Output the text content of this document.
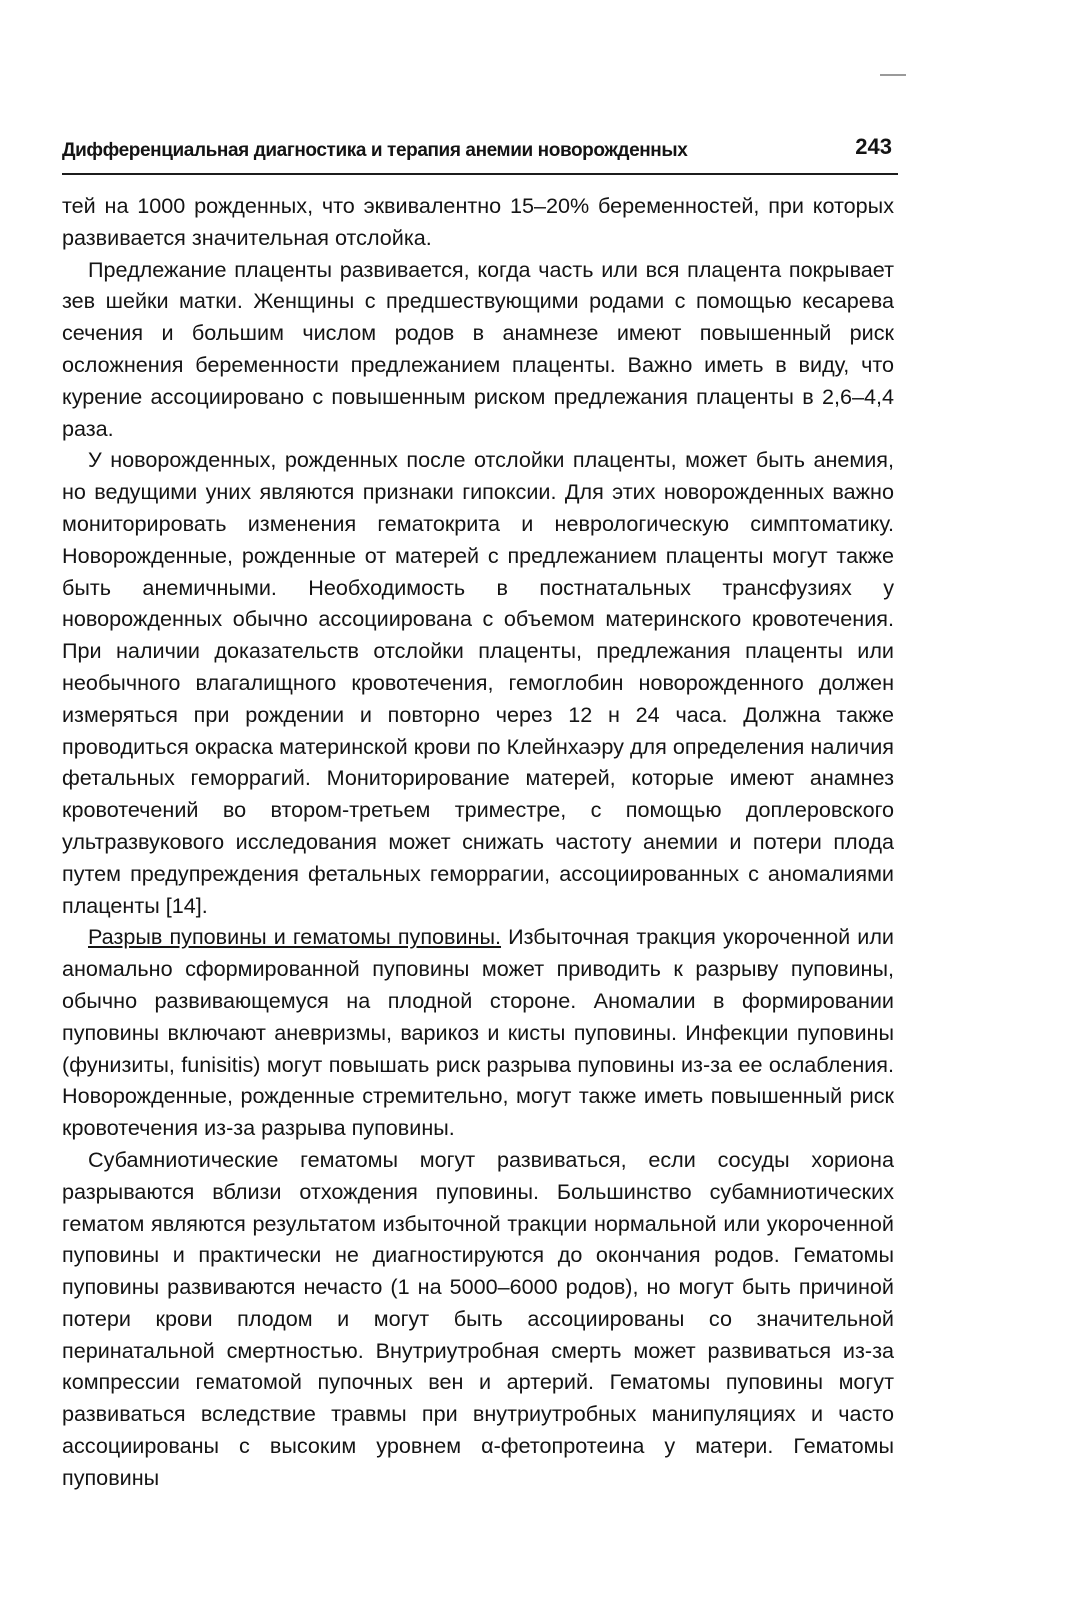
Дифференциальная диагностика и терапия анемии новорожденных	243

тей на 1000 рожденных, что эквивалентно 15–20% беременностей, при которых развивается значительная отслойка.

Предлежание плаценты развивается, когда часть или вся плацента покрывает зев шейки матки. Женщины с предшествующими родами с помощью кесарева сечения и большим числом родов в анамнезе имеют повышенный риск осложнения беременности предлежанием плаценты. Важно иметь в виду, что курение ассоциировано с повышенным риском предлежания плаценты в 2,6–4,4 раза.

У новорожденных, рожденных после отслойки плаценты, может быть анемия, но ведущими уних являются признаки гипоксии. Для этих новорожденных важно мониторировать изменения гематокрита и неврологическую симптоматику. Новорожденные, рожденные от матерей с предлежанием плаценты могут также быть анемичными. Необходимость в постнатальных трансфузиях у новорожденных обычно ассоциирована с объемом материнского кровотечения. При наличии доказательств отслойки плаценты, предлежания плаценты или необычного влагалищного кровотечения, гемоглобин новорожденного должен измеряться при рождении и повторно через 12 н 24 часа. Должна также проводиться окраска материнской крови по Клейнхаэру для определения наличия фетальных геморрагий. Мониторирование матерей, которые имеют анамнез кровотечений во втором-третьем триместре, с помощью доплеровского ультразвукового исследования может снижать частоту анемии и потери плода путем предупреждения фетальных геморрагии, ассоциированных с аномалиями плаценты [14].

Разрыв пуповины и гематомы пуповины. Избыточная тракция укороченной или аномально сформированной пуповины может приводить к разрыву пуповины, обычно развивающемуся на плодной стороне. Аномалии в формировании пуповины включают аневризмы, варикоз и кисты пуповины. Инфекции пуповины (фунизиты, funisitis) могут повышать риск разрыва пуповины из-за ее ослабления. Новорожденные, рожденные стремительно, могут также иметь повышенный риск кровотечения из-за разрыва пуповины.

Субамниотические гематомы могут развиваться, если сосуды хориона разрываются вблизи отхождения пуповины. Большинство субамниотических гематом являются результатом избыточной тракции нормальной или укороченной пуповины и практически не диагностируются до окончания родов. Гематомы пуповины развиваются нечасто (1 на 5000–6000 родов), но могут быть причиной потери крови плодом и могут быть ассоциированы со значительной перинатальной смертностью. Внутриутробная смерть может развиваться из-за компрессии гематомой пупочных вен и артерий. Гематомы пуповины могут развиваться вследствие травмы при внутриутробных манипуляциях и часто ассоциированы с высоким уровнем α-фетопротеина у матери. Гематомы пуповины
